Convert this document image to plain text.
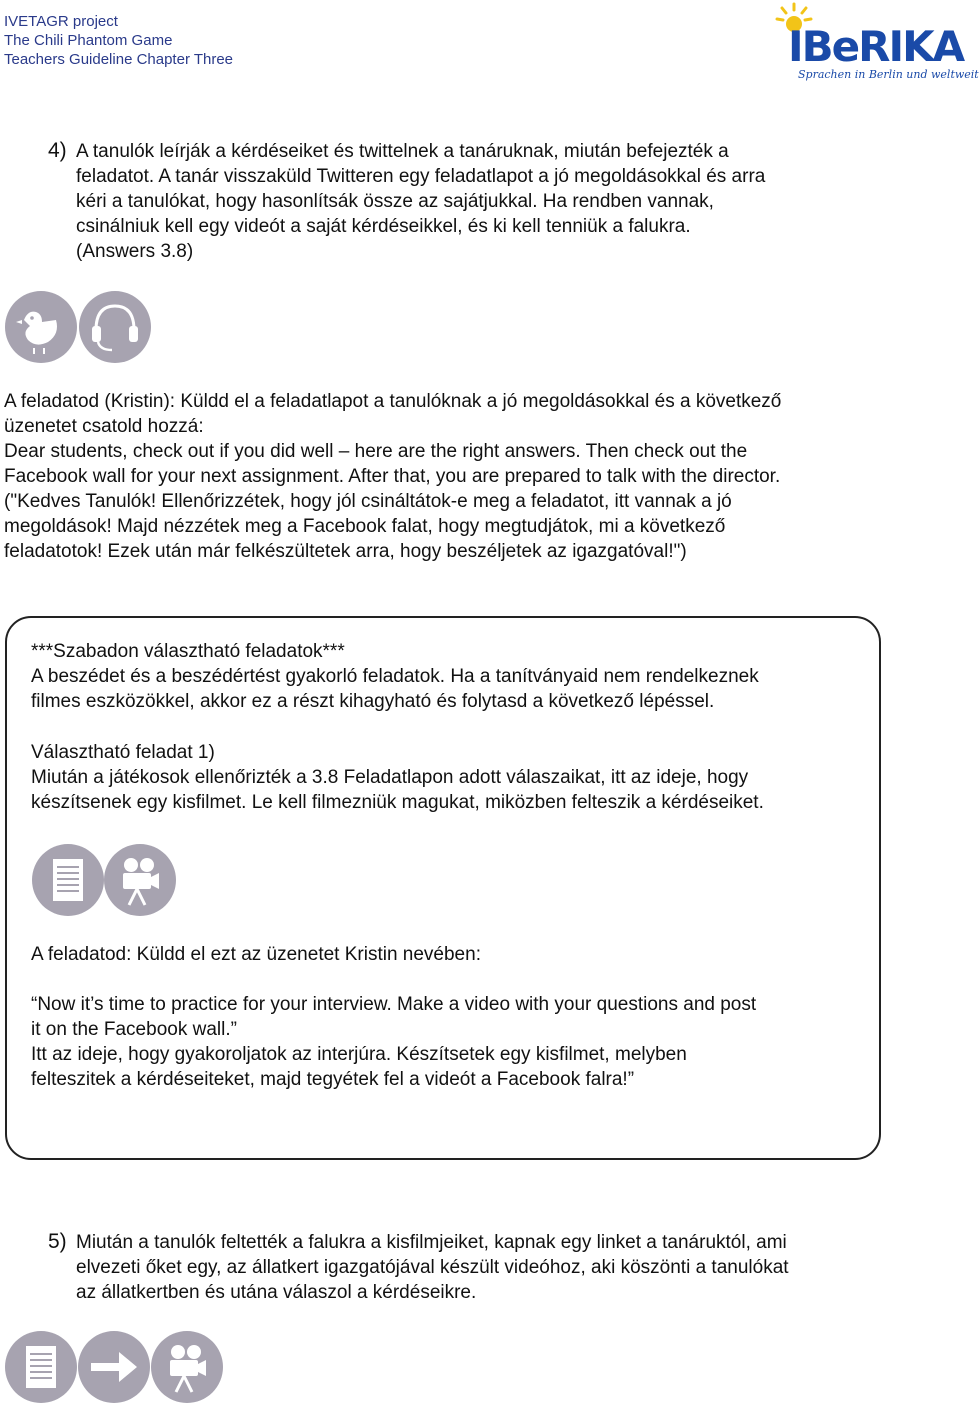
IVETAGR project
The Chili Phantom Game
Teachers Guideline Chapter Three	IBeRIKA
Sprachen in Berlin und weltweit
4) A tanulók leírják a kérdéseiket és twittelnek a tanáruknak, miután befejezték a
feladatot. A tanár visszaküld Twitteren egy feladatlapot a jó megoldásokkal és arra
kéri a tanulókat, hogy hasonlítsák össze az sajátjukkal. Ha rendben vannak,
csinálniuk kell egy videót a saját kérdéseikkel, és ki kell tenniük a falukra.
(Answers 3.8)
A feladatod (Kristin): Küldd el a feladatlapot a tanulóknak a jó megoldásokkal és a következő
üzenetet csatold hozzá:
Dear students, check out if you did well – here are the right answers. Then check out the
Facebook wall for your next assignment. After that, you are prepared to talk with the director.
("Kedves Tanulók! Ellenőrizzétek, hogy jól csináltátok-e meg a feladatot, itt vannak a jó
megoldások! Majd nézzétek meg a Facebook falat, hogy megtudjátok, mi a következő
feladatotok! Ezek után már felkészültetek arra, hogy beszéljetek az igazgatóval!")
***Szabadon választható feladatok***
A beszédet és a beszédértést gyakorló feladatok. Ha a tanítványaid nem rendelkeznek
filmes eszközökkel, akkor ez a részt kihagyható és folytasd a következő lépéssel.
Választható feladat 1)
Miután a játékosok ellenőrizték a 3.8 Feladatlapon adott válaszaikat, itt az ideje, hogy
készítsenek egy kisfilmet. Le kell filmezniük magukat, miközben felteszik a kérdéseiket.
A feladatod: Küldd el ezt az üzenetet Kristin nevében:
“Now it’s time to practice for your interview. Make a video with your questions and post
it on the Facebook wall.”
Itt az ideje, hogy gyakoroljatok az interjúra. Készítsetek egy kisfilmet, melyben
felteszitek a kérdéseiteket, majd tegyétek fel a videót a Facebook falra!”
5) Miután a tanulók feltették a falukra a kisfilmjeiket, kapnak egy linket a tanáruktól, ami
elvezeti őket egy, az állatkert igazgatójával készült videóhoz, aki köszönti a tanulókat
az állatkertben és utána válaszol a kérdéseikre.
